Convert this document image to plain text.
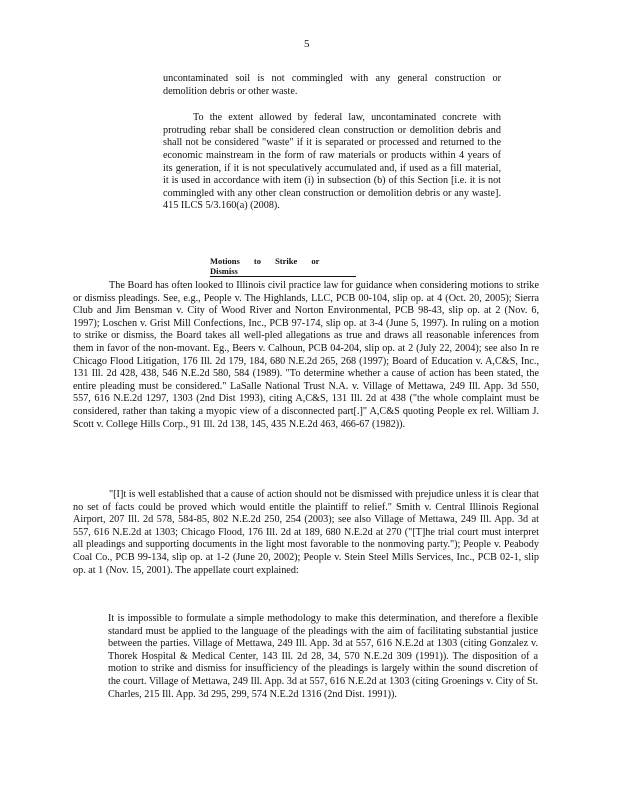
5

uncontaminated soil is not commingled with any general construction or demolition debris or other waste.

To the extent allowed by federal law, uncontaminated concrete with protruding rebar shall be considered clean construction or demolition debris and shall not be considered "waste" if it is separated or processed and returned to the economic mainstream in the form of raw materials or products within 4 years of its generation, if it is not speculatively accumulated and, if used as a fill material, it is used in accordance with item (i) in subsection (b) of this Section [i.e. it is not commingled with any other clean construction or demolition debris or any waste]. 415 ILCS 5/3.160(a) (2008).

Motions to Strike or Dismiss

The Board has often looked to Illinois civil practice law for guidance when considering motions to strike or dismiss pleadings. See, e.g., People v. The Highlands, LLC, PCB 00-104, slip op. at 4 (Oct. 20, 2005); Sierra Club and Jim Bensman v. City of Wood River and Norton Environmental, PCB 98-43, slip op. at 2 (Nov. 6, 1997); Loschen v. Grist Mill Confections, Inc., PCB 97-174, slip op. at 3-4 (June 5, 1997). In ruling on a motion to strike or dismiss, the Board takes all well-pled allegations as true and draws all reasonable inferences from them in favor of the non-movant. Eg., Beers v. Calhoun, PCB 04-204, slip op. at 2 (July 22, 2004); see also In re Chicago Flood Litigation, 176 Ill. 2d 179, 184, 680 N.E.2d 265, 268 (1997); Board of Education v. A,C&S, Inc., 131 Ill. 2d 428, 438, 546 N.E.2d 580, 584 (1989). "To determine whether a cause of action has been stated, the entire pleading must be considered." LaSalle National Trust N.A. v. Village of Mettawa, 249 Ill. App. 3d 550, 557, 616 N.E.2d 1297, 1303 (2nd Dist 1993), citing A,C&S, 131 Ill. 2d at 438 ("the whole complaint must be considered, rather than taking a myopic view of a disconnected part[.]" A,C&S quoting People ex rel. William J. Scott v. College Hills Corp., 91 Ill. 2d 138, 145, 435 N.E.2d 463, 466-67 (1982)).

"[I]t is well established that a cause of action should not be dismissed with prejudice unless it is clear that no set of facts could be proved which would entitle the plaintiff to relief." Smith v. Central Illinois Regional Airport, 207 Ill. 2d 578, 584-85, 802 N.E.2d 250, 254 (2003); see also Village of Mettawa, 249 Ill. App. 3d at 557, 616 N.E.2d at 1303; Chicago Flood, 176 Ill. 2d at 189, 680 N.E.2d at 270 ("[T]he trial court must interpret all pleadings and supporting documents in the light most favorable to the nonmoving party."); People v. Peabody Coal Co., PCB 99-134, slip op. at 1-2 (June 20, 2002); People v. Stein Steel Mills Services, Inc., PCB 02-1, slip op. at 1 (Nov. 15, 2001). The appellate court explained:

It is impossible to formulate a simple methodology to make this determination, and therefore a flexible standard must be applied to the language of the pleadings with the aim of facilitating substantial justice between the parties. Village of Mettawa, 249 Ill. App. 3d at 557, 616 N.E.2d at 1303 (citing Gonzalez v. Thorek Hospital & Medical Center, 143 Ill. 2d 28, 34, 570 N.E.2d 309 (1991)). The disposition of a motion to strike and dismiss for insufficiency of the pleadings is largely within the sound discretion of the court. Village of Mettawa, 249 Ill. App. 3d at 557, 616 N.E.2d at 1303 (citing Groenings v. City of St. Charles, 215 Ill. App. 3d 295, 299, 574 N.E.2d 1316 (2nd Dist. 1991)).
